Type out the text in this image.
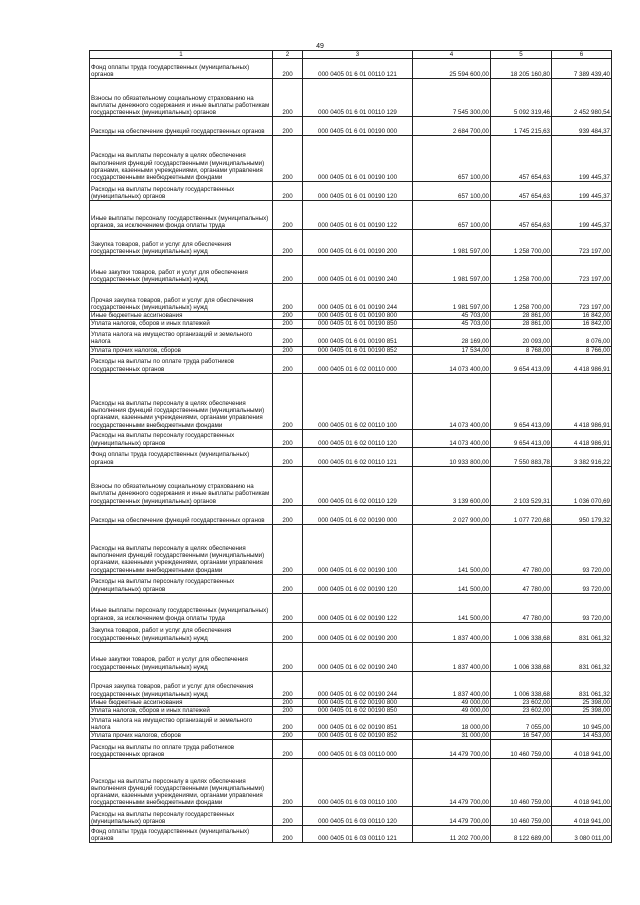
49
1	2	3	4	5	6
Фонд оплаты труда государственных (муниципальных) органов	200	000 0405 01 6 01 00110 121	25 594 600,00	18 205 160,80	7 389 439,40
Взносы по обязательному социальному страхованию на выплаты денежного содержания и иные выплаты работникам государственных (муниципальных) органов	200	000 0405 01 6 01 00110 129	7 545 300,00	5 092 319,46	2 452 980,54
Расходы на обеспечение функций государственных органов	200	000 0405 01 6 01 00190 000	2 684 700,00	1 745 215,63	939 484,37
Расходы на выплаты персоналу в целях обеспечения выполнения функций государственными (муниципальными) органами, казенными учреждениями, органами управления государственными внебюджетными фондами	200	000 0405 01 6 01 00190 100	657 100,00	457 654,63	199 445,37
Расходы на выплаты персоналу государственных (муниципальных) органов	200	000 0405 01 6 01 00190 120	657 100,00	457 654,63	199 445,37
Иные выплаты персоналу государственных (муниципальных) органов, за исключением фонда оплаты труда	200	000 0405 01 6 01 00190 122	657 100,00	457 654,63	199 445,37
Закупка товаров, работ и услуг для обеспечения государственных (муниципальных) нужд	200	000 0405 01 6 01 00190 200	1 981 597,00	1 258 700,00	723 197,00
Иные закупки товаров, работ и услуг для обеспечения государственных (муниципальных) нужд	200	000 0405 01 6 01 00190 240	1 981 597,00	1 258 700,00	723 197,00
Прочая закупка товаров, работ и услуг для обеспечения государственных (муниципальных) нужд	200	000 0405 01 6 01 00190 244	1 981 597,00	1 258 700,00	723 197,00
Иные бюджетные ассигнования	200	000 0405 01 6 01 00190 800	45 703,00	28 861,00	16 842,00
Уплата налогов, сборов и иных платежей	200	000 0405 01 6 01 00190 850	45 703,00	28 861,00	16 842,00
Уплата налога на имущество организаций и земельного налога	200	000 0405 01 6 01 00190 851	28 169,00	20 093,00	8 076,00
Уплата прочих налогов, сборов	200	000 0405 01 6 01 00190 852	17 534,00	8 768,00	8 766,00
Расходы на выплаты по оплате труда работников государственных органов	200	000 0405 01 6 02 00110 000	14 073 400,00	9 654 413,09	4 418 986,91
Расходы на выплаты персоналу в целях обеспечения выполнения функций государственными (муниципальными) органами, казенными учреждениями, органами управления государственными внебюджетными фондами	200	000 0405 01 6 02 00110 100	14 073 400,00	9 654 413,09	4 418 986,91
Расходы на выплаты персоналу государственных (муниципальных) органов	200	000 0405 01 6 02 00110 120	14 073 400,00	9 654 413,09	4 418 986,91
Фонд оплаты труда государственных (муниципальных) органов	200	000 0405 01 6 02 00110 121	10 933 800,00	7 550 883,78	3 382 916,22
Взносы по обязательному социальному страхованию на выплаты денежного содержания и иные выплаты работникам государственных (муниципальных) органов	200	000 0405 01 6 02 00110 129	3 139 600,00	2 103 529,31	1 036 070,69
Расходы на обеспечение функций государственных органов	200	000 0405 01 6 02 00190 000	2 027 900,00	1 077 720,68	950 179,32
Расходы на выплаты персоналу в целях обеспечения выполнения функций государственными (муниципальными) органами, казенными учреждениями, органами управления государственными внебюджетными фондами	200	000 0405 01 6 02 00190 100	141 500,00	47 780,00	93 720,00
Расходы на выплаты персоналу государственных (муниципальных) органов	200	000 0405 01 6 02 00190 120	141 500,00	47 780,00	93 720,00
Иные выплаты персоналу государственных (муниципальных) органов, за исключением фонда оплаты труда	200	000 0405 01 6 02 00190 122	141 500,00	47 780,00	93 720,00
Закупка товаров, работ и услуг для обеспечения государственных (муниципальных) нужд	200	000 0405 01 6 02 00190 200	1 837 400,00	1 006 338,68	831 061,32
Иные закупки товаров, работ и услуг для обеспечения государственных (муниципальных) нужд	200	000 0405 01 6 02 00190 240	1 837 400,00	1 006 338,68	831 061,32
Прочая закупка товаров, работ и услуг для обеспечения государственных (муниципальных) нужд	200	000 0405 01 6 02 00190 244	1 837 400,00	1 006 338,68	831 061,32
Иные бюджетные ассигнования	200	000 0405 01 6 02 00190 800	49 000,00	23 602,00	25 398,00
Уплата налогов, сборов и иных платежей	200	000 0405 01 6 02 00190 850	49 000,00	23 602,00	25 398,00
Уплата налога на имущество организаций и земельного налога	200	000 0405 01 6 02 00190 851	18 000,00	7 055,00	10 945,00
Уплата прочих налогов, сборов	200	000 0405 01 6 02 00190 852	31 000,00	16 547,00	14 453,00
Расходы на выплаты по оплате труда работников государственных органов	200	000 0405 01 6 03 00110 000	14 479 700,00	10 460 759,00	4 018 941,00
Расходы на выплаты персоналу в целях обеспечения выполнения функций государственными (муниципальными) органами, казенными учреждениями, органами управления государственными внебюджетными фондами	200	000 0405 01 6 03 00110 100	14 479 700,00	10 460 759,00	4 018 941,00
Расходы на выплаты персоналу государственных (муниципальных) органов	200	000 0405 01 6 03 00110 120	14 479 700,00	10 460 759,00	4 018 941,00
Фонд оплаты труда государственных (муниципальных) органов	200	000 0405 01 6 03 00110 121	11 202 700,00	8 122 689,00	3 080 011,00
